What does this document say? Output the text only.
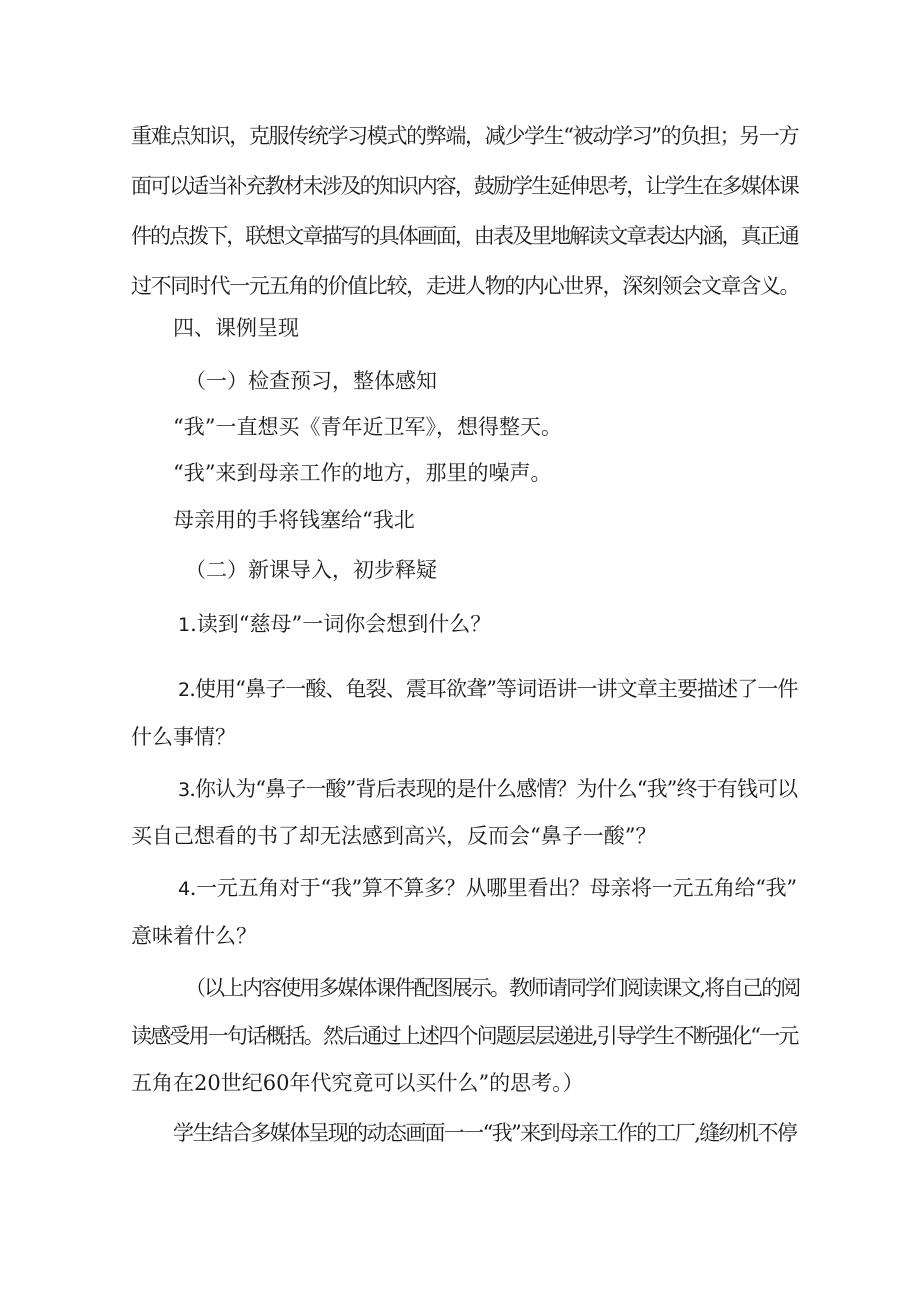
重难点知识，克服传统学习模式的弊端，减少学生“被动学习”的负担；另一方
面可以适当补充教材未涉及的知识内容，鼓励学生延伸思考，让学生在多媒体课
件的点拨下，联想文章描写的具体画面，由表及里地解读文章表达内涵，真正通
过不同时代一元五角的价值比较，走进人物的内心世界，深刻领会文章含义。

四、课例呈现

（一）检查预习，整体感知

“我”一直想买《青年近卫军》，想得整天。

“我”来到母亲工作的地方，那里的噪声。

母亲用的手将钱塞给“我北

（二）新课导入，初步释疑

1.读到“慈母”一词你会想到什么？

2.使用“鼻子一酸、龟裂、震耳欲聋”等词语讲一讲文章主要描述了一件

什么事情？

3.你认为“鼻子一酸”背后表现的是什么感情？为什么“我”终于有钱可以

买自己想看的书了却无法感到高兴，反而会“鼻子一酸”？

4.一元五角对于“我”算不算多？从哪里看出？母亲将一元五角给“我”

意味着什么？

（以上内容使用多媒体课件配图展示。教师请同学们阅读课文,将自己的阅

读感受用一句话概括。然后通过上述四个问题层层递进,引导学生不断强化“一元

五角在20世纪60年代究竟可以买什么”的思考。）

学生结合多媒体呈现的动态画面一一“我”来到母亲工作的工厂,缝纫机不停
